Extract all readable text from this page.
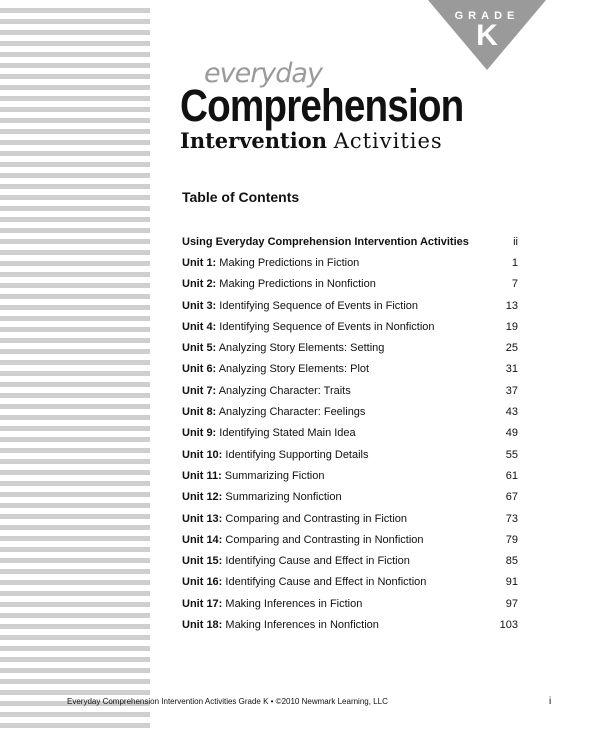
GRADE
K
everyday
Comprehension
Intervention Activities
Table of Contents
Using Everyday Comprehension Intervention Activities	ii
Unit 1: Making Predictions in Fiction	1
Unit 2: Making Predictions in Nonfiction	7
Unit 3: Identifying Sequence of Events in Fiction	13
Unit 4: Identifying Sequence of Events in Nonfiction	19
Unit 5: Analyzing Story Elements: Setting	25
Unit 6: Analyzing Story Elements: Plot	31
Unit 7: Analyzing Character: Traits	37
Unit 8: Analyzing Character: Feelings	43
Unit 9: Identifying Stated Main Idea	49
Unit 10: Identifying Supporting Details	55
Unit 11: Summarizing Fiction	61
Unit 12: Summarizing Nonfiction	67
Unit 13: Comparing and Contrasting in Fiction	73
Unit 14: Comparing and Contrasting in Nonfiction	79
Unit 15: Identifying Cause and Effect in Fiction	85
Unit 16: Identifying Cause and Effect in Nonfiction	91
Unit 17: Making Inferences in Fiction	97
Unit 18: Making Inferences in Nonfiction	103
Everyday Comprehension Intervention Activities Grade K • ©2010 Newmark Learning, LLC	i
